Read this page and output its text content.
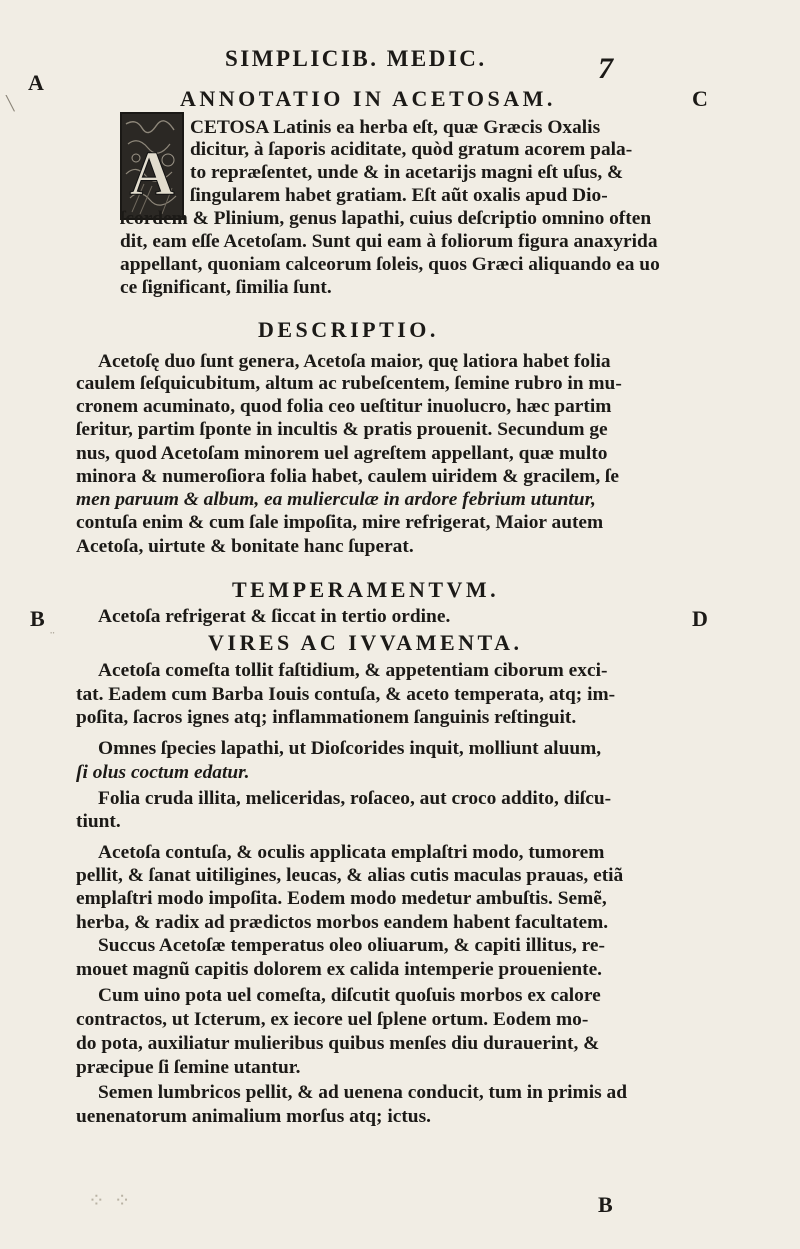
SIMPLICIB. MEDIC.	7
A
C
B	D
╲
¨
ANNOTATIO IN ACETOSAM.
A
CETOSA Latinis ea herba eſt, quæ Græcis Oxalis
dicitur, à ſaporis aciditate, quòd gratum acorem pala-
to repræſentet, unde & in acetarijs magni eſt uſus, &
ſingularem habet gratiam. Eſt aũt oxalis apud Dio-
ſcordem & Plinium, genus lapathi, cuius deſcriptio omnino often
dit, eam eſſe Acetoſam. Sunt qui eam à foliorum figura anaxyrida
appellant, quoniam calceorum ſoleis, quos Græci aliquando ea uo
ce ſignificant, ſimilia ſunt.
DESCRIPTIO.
Acetoſę duo ſunt genera, Acetoſa maior, quę latiora habet folia
caulem ſeſquicubitum, altum ac rubeſcentem, ſemine rubro in mu-
cronem acuminato, quod folia ceo ueſtitur inuolucro, hæc partim
ſeritur, partim ſponte in incultis & pratis prouenit. Secundum ge
nus, quod Acetoſam minorem uel agreſtem appellant, quæ multo
minora & numeroſiora folia habet, caulem uiridem & gracilem, ſe
men paruum & album, ea mulierculæ in ardore febrium utuntur,
contuſa enim & cum ſale impoſita, mire refrigerat, Maior autem
Acetoſa, uirtute & bonitate hanc ſuperat.
TEMPERAMENTVM.
Acetoſa refrigerat & ſiccat in tertio ordine.
VIRES AC IVVAMENTA.
Acetoſa comeſta tollit faſtidium, & appetentiam ciborum exci-
tat. Eadem cum Barba Iouis contuſa, & aceto temperata, atq; im-
poſita, ſacros ignes atq; inflammationem ſanguinis reſtinguit.
Omnes ſpecies lapathi, ut Dioſcorides inquit, molliunt aluum,
ſi olus coctum edatur.
Folia cruda illita, meliceridas, roſaceo, aut croco addito, diſcu-
tiunt.
Acetoſa contuſa, & oculis applicata emplaſtri modo, tumorem
pellit, & ſanat uitiligines, leucas, & alias cutis maculas prauas, etiã
emplaſtri modo impoſita. Eodem modo medetur ambuſtis. Semẽ,
herba, & radix ad prædictos morbos eandem habent facultatem.
Succus Acetoſæ temperatus oleo oliuarum, & capiti illitus, re-
mouet magnũ capitis dolorem ex calida intemperie proueniente.
Cum uino pota uel comeſta, diſcutit quoſuis morbos ex calore
contractos, ut Icterum, ex iecore uel ſplene ortum. Eodem mo-
do pota, auxiliatur mulieribus quibus menſes diu durauerint, &
præcipue ſi ſemine utantur.
Semen lumbricos pellit, & ad uenena conducit, tum in primis ad
uenenatorum animalium morſus atq; ictus.
⁘ ⁘	B
